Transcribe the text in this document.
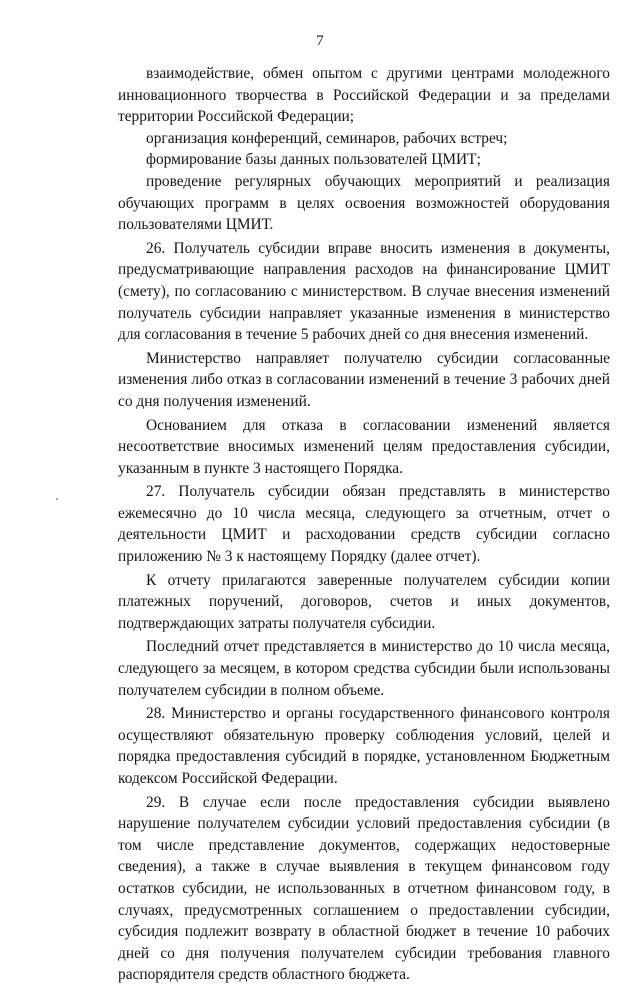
7

взаимодействие, обмен опытом с другими центрами молодежного инновационного творчества в Российской Федерации и за пределами территории Российской Федерации;

организация конференций, семинаров, рабочих встреч;

формирование базы данных пользователей ЦМИТ;

проведение регулярных обучающих мероприятий и реализация обучающих программ в целях освоения возможностей оборудования пользователями ЦМИТ.

26. Получатель субсидии вправе вносить изменения в документы, предусматривающие направления расходов на финансирование ЦМИТ (смету), по согласованию с министерством. В случае внесения изменений получатель субсидии направляет указанные изменения в министерство для согласования в течение 5 рабочих дней со дня внесения изменений.

Министерство направляет получателю субсидии согласованные изменения либо отказ в согласовании изменений в течение 3 рабочих дней со дня получения изменений.

Основанием для отказа в согласовании изменений является несоответствие вносимых изменений целям предоставления субсидии, указанным в пункте 3 настоящего Порядка.

27. Получатель субсидии обязан представлять в министерство ежемесячно до 10 числа месяца, следующего за отчетным, отчет о деятельности ЦМИТ и расходовании средств субсидии согласно приложению № 3 к настоящему Порядку (далее отчет).

К отчету прилагаются заверенные получателем субсидии копии платежных поручений, договоров, счетов и иных документов, подтверждающих затраты получателя субсидии.

Последний отчет представляется в министерство до 10 числа месяца, следующего за месяцем, в котором средства субсидии были использованы получателем субсидии в полном объеме.

28. Министерство и органы государственного финансового контроля осуществляют обязательную проверку соблюдения условий, целей и порядка предоставления субсидий в порядке, установленном Бюджетным кодексом Российской Федерации.

29. В случае если после предоставления субсидии выявлено нарушение получателем субсидии условий предоставления субсидии (в том числе представление документов, содержащих недостоверные сведения), а также в случае выявления в текущем финансовом году остатков субсидии, не использованных в отчетном финансовом году, в случаях, предусмотренных соглашением о предоставлении субсидии, субсидия подлежит возврату в областной бюджет в течение 10 рабочих дней со дня получения получателем субсидии требования главного распорядителя средств областного бюджета.
